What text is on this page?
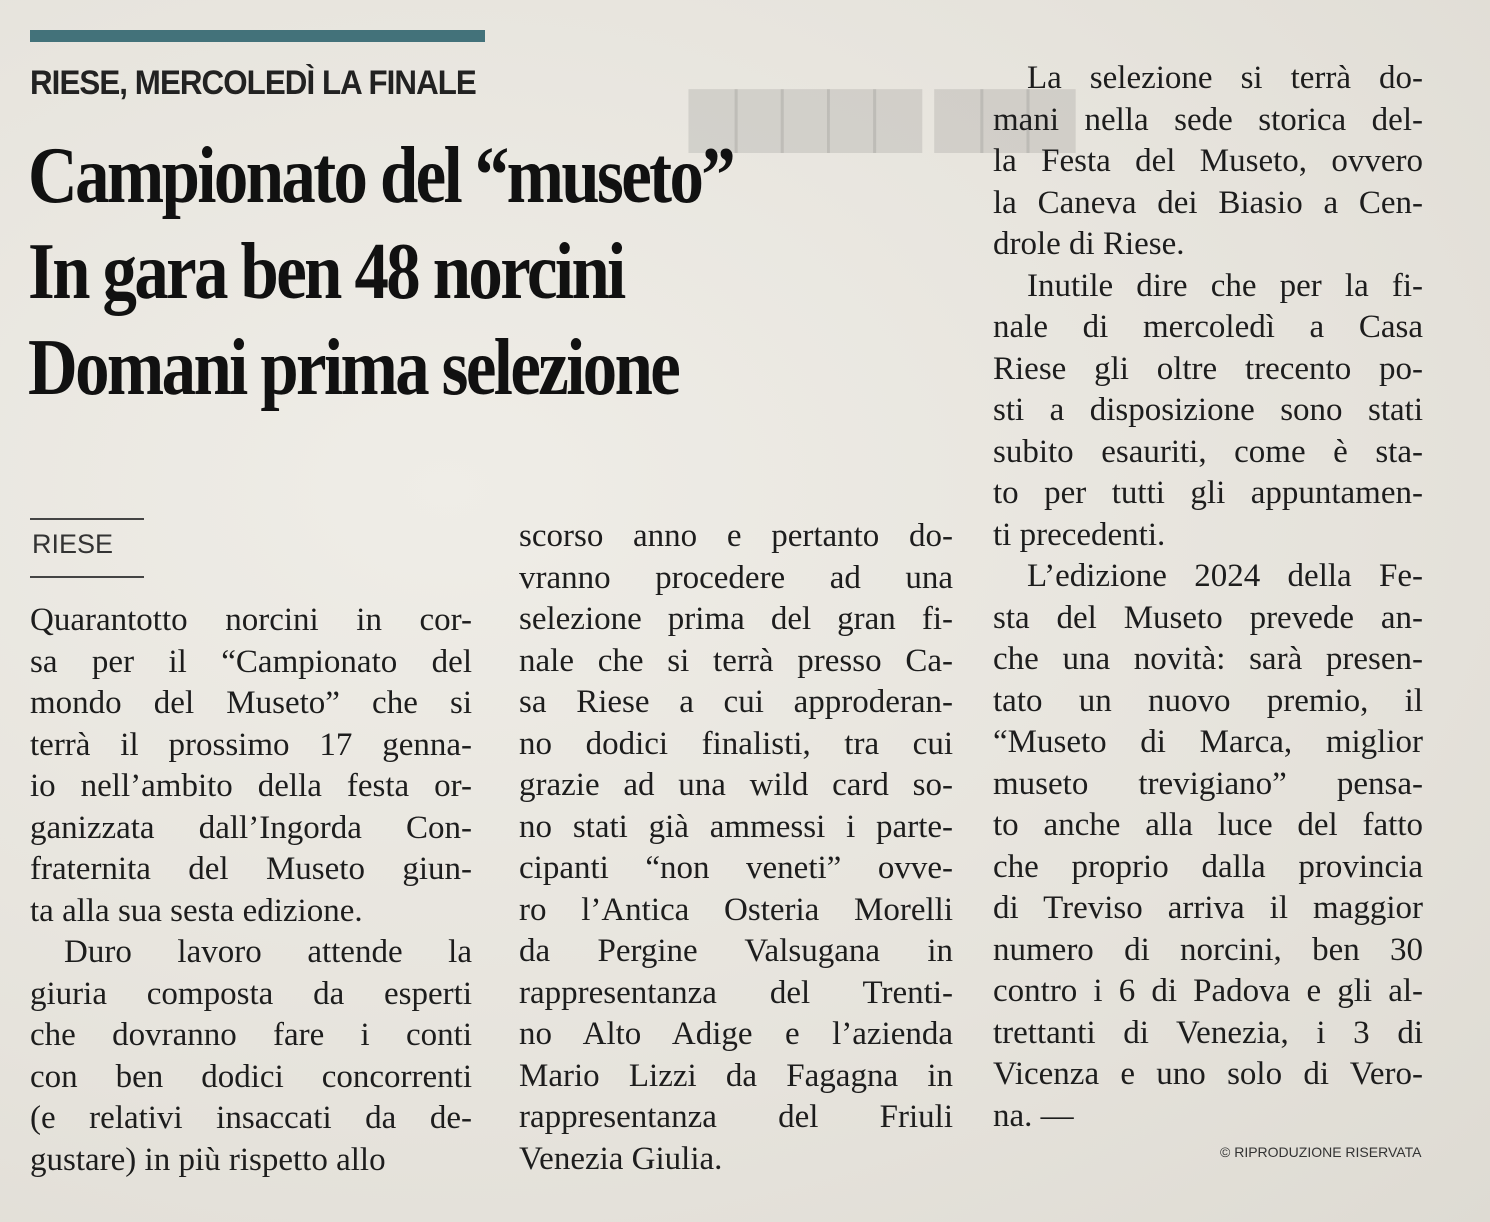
▇▇▇ ▇▇▇▇▇
RIESE, MERCOLEDÌ LA FINALE
Campionato del “museto”
In gara ben 48 norcini
Domani prima selezione
RIESE

Quarantotto norcini in cor-
sa per il “Campionato del
mondo del Museto” che si
terrà il prossimo 17 genna-
io nell’ambito della festa or-
ganizzata dall’Ingorda Con-
fraternita del Museto giun-
ta alla sua sesta edizione.

Duro lavoro attende la
giuria composta da esperti
che dovranno fare i conti
con ben dodici concorrenti
(e relativi insaccati da de-
gustare) in più rispetto allo

scorso anno e pertanto do-
vranno procedere ad una
selezione prima del gran fi-
nale che si terrà presso Ca-
sa Riese a cui approderan-
no dodici finalisti, tra cui
grazie ad una wild card so-
no stati già ammessi i parte-
cipanti “non veneti” ovve-
ro l’Antica Osteria Morelli
da Pergine Valsugana in
rappresentanza del Trenti-
no Alto Adige e l’azienda
Mario Lizzi da Fagagna in
rappresentanza del Friuli
Venezia Giulia.

La selezione si terrà do-
mani nella sede storica del-
la Festa del Museto, ovvero
la Caneva dei Biasio a Cen-
drole di Riese.

Inutile dire che per la fi-
nale di mercoledì a Casa
Riese gli oltre trecento po-
sti a disposizione sono stati
subito esauriti, come è sta-
to per tutti gli appuntamen-
ti precedenti.

L’edizione 2024 della Fe-
sta del Museto prevede an-
che una novità: sarà presen-
tato un nuovo premio, il
“Museto di Marca, miglior
museto trevigiano” pensa-
to anche alla luce del fatto
che proprio dalla provincia
di Treviso arriva il maggior
numero di norcini, ben 30
contro i 6 di Padova e gli al-
trettanti di Venezia, i 3 di
Vicenza e uno solo di Vero-
na. —

© RIPRODUZIONE RISERVATA
